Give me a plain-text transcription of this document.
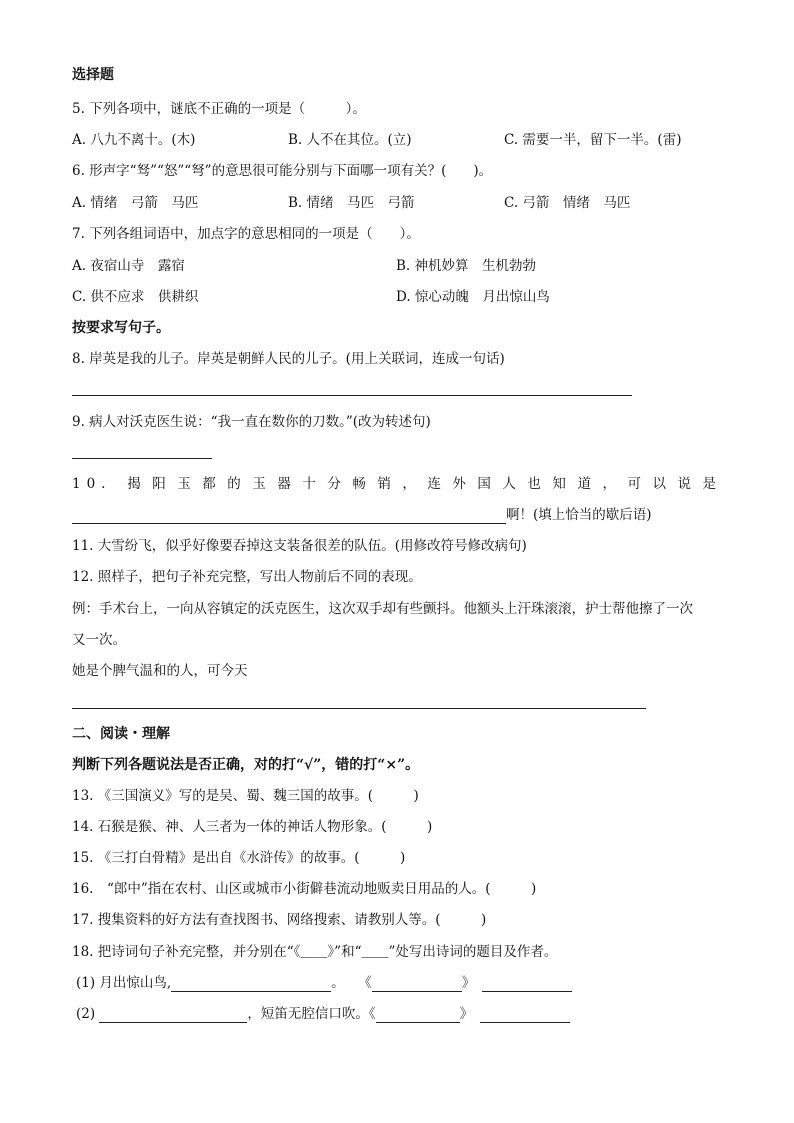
选择题
5. 下列各项中，谜底不正确的一项是（　　　）。
A. 八九不离十。(木)	B. 人不在其位。(立)	C. 需要一半，留下一半。(雷)
6. 形声字“驽”“怒”“弩”的意思很可能分别与下面哪一项有关？(　　)。
A. 情绪　弓箭　马匹	B. 情绪　马匹　弓箭	C. 弓箭　情绪　马匹
7. 下列各组词语中，加点字的意思相同的一项是（　　）。
A. 夜宿山寺　露宿	B. 神机妙算　生机勃勃
C. 供不应求　供耕织	D. 惊心动魄　月出惊山鸟
按要求写句子。
8. 岸英是我的儿子。岸英是朝鲜人民的儿子。(用上关联词，连成一句话)
9. 病人对沃克医生说：“我一直在数你的刀数。”(改为转述句)
10. 揭阳玉都的玉器十分畅销，连外国人也知道，可以说是
啊！(填上恰当的歇后语)
11. 大雪纷飞，似乎好像要吞掉这支装备很差的队伍。(用修改符号修改病句)
12. 照样子，把句子补充完整，写出人物前后不同的表现。
例：手术台上，一向从容镇定的沃克医生，这次双手却有些颤抖。他额头上汗珠滚滚，护士帮他擦了一次
又一次。
她是个脾气温和的人，可今天
二、阅读・理解
判断下列各题说法是否正确，对的打“√”，错的打“×”。
13. 《三国演义》写的是吴、蜀、魏三国的故事。(　　　)
14. 石猴是猴、神、人三者为一体的神话人物形象。(　　　)
15. 《三打白骨精》是出自《水浒传》的故事。(　　　)
16.　“郎中”指在农村、山区或城市小街僻巷流动地贩卖日用品的人。(　　　)
17. 搜集资料的好方法有查找图书、网络搜索、请教别人等。(　　　)
18. 把诗词句子补充完整，并分别在“《＿＿》”和“＿＿”处写出诗词的题目及作者。
(1) 月出惊山鸟,	。　　《	》　
(2)	，短笛无腔信口吹。《	》　
